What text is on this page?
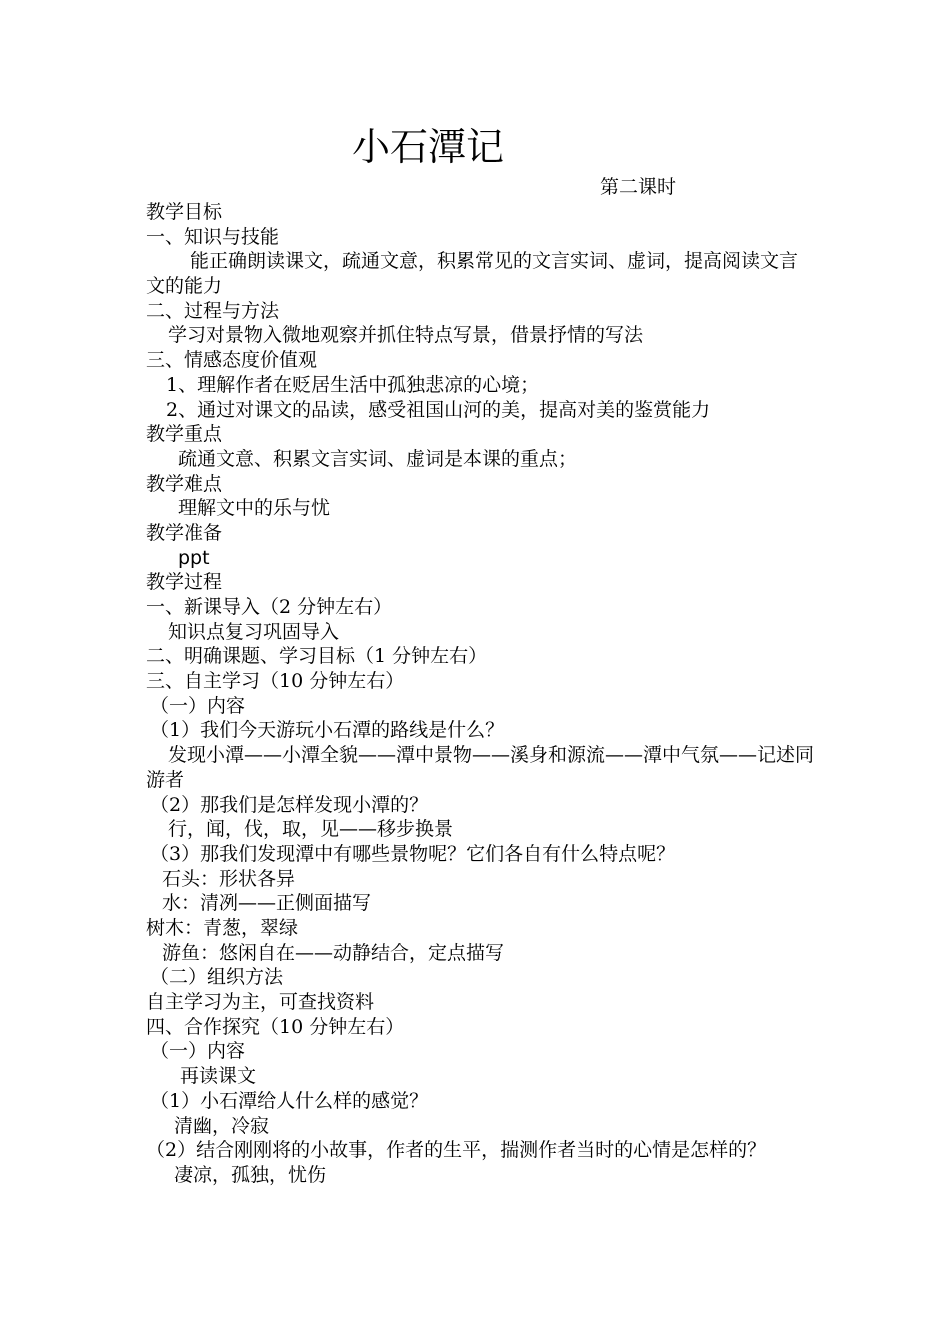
小石潭记
第二课时
教学目标
一、知识与技能
能正确朗读课文，疏通文意，积累常见的文言实词、虚词，提高阅读文言文的能力
二、过程与方法
学习对景物入微地观察并抓住特点写景，借景抒情的写法
三、情感态度价值观
1、理解作者在贬居生活中孤独悲凉的心境；
2、通过对课文的品读，感受祖国山河的美，提高对美的鉴赏能力
教学重点
疏通文意、积累文言实词、虚词是本课的重点；
教学难点
理解文中的乐与忧
教学准备
ppt
教学过程
一、新课导入（2 分钟左右）
知识点复习巩固导入
二、明确课题、学习目标（1 分钟左右）
三、自主学习（10 分钟左右）
（一）内容
（1）我们今天游玩小石潭的路线是什么？
发现小潭——小潭全貌——潭中景物——溪身和源流——潭中气氛——记述同游者
（2）那我们是怎样发现小潭的？
行，闻，伐，取，见——移步换景
（3）那我们发现潭中有哪些景物呢？它们各自有什么特点呢？
石头：形状各异
水：清冽——正侧面描写
树木：青葱，翠绿
游鱼：悠闲自在——动静结合，定点描写
（二）组织方法
自主学习为主，可查找资料
四、合作探究（10 分钟左右）
（一）内容
再读课文
（1）小石潭给人什么样的感觉？
清幽，冷寂
（2）结合刚刚将的小故事，作者的生平，揣测作者当时的心情是怎样的？
凄凉，孤独，忧伤
